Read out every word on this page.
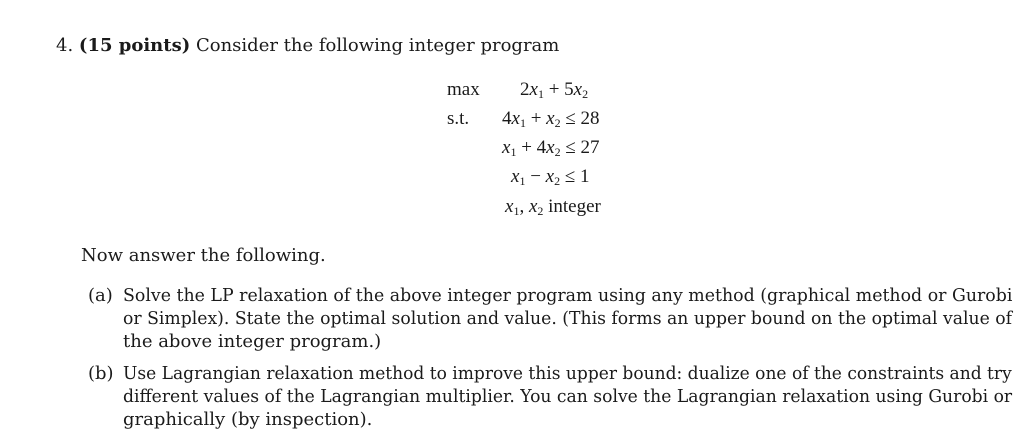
4. (15 points) Consider the following integer program
$\max 2x_1 + 5x_2$
s.t. $4x_1 + x_2 \le 28$
$x_1 + 4x_2 \le 27$
$x_1 - x_2 \le 1$
$x_1$, $x_2$ integer
Now answer the following.
(a) Solve the LP relaxation of the above integer program using any method (graphical method or Gurobi
or Simplex). State the optimal solution and value. (This forms an upper bound on the optimal value of
the above integer program.)
(b) Use Lagrangian relaxation method to improve this upper bound: dualize one of the constraints and try
different values of the Lagrangian multiplier. You can solve the Lagrangian relaxation using Gurobi or
graphically (by inspection).
